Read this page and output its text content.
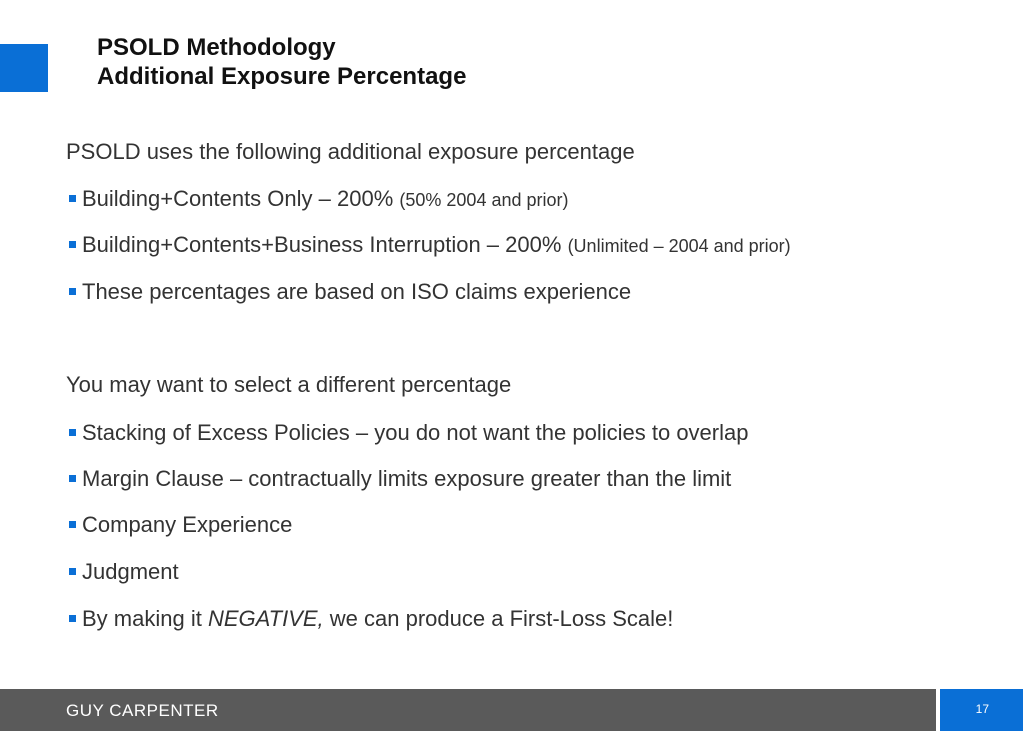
PSOLD Methodology
Additional Exposure Percentage
PSOLD uses the following additional exposure percentage
Building+Contents Only – 200% (50% 2004 and prior)
Building+Contents+Business Interruption – 200% (Unlimited – 2004 and prior)
These percentages are based on ISO claims experience
You may want to select a different percentage
Stacking of Excess Policies – you do not want the policies to overlap
Margin Clause – contractually limits exposure greater than the limit
Company Experience
Judgment
By making it NEGATIVE, we can produce a First-Loss Scale!
GUY CARPENTER	17
